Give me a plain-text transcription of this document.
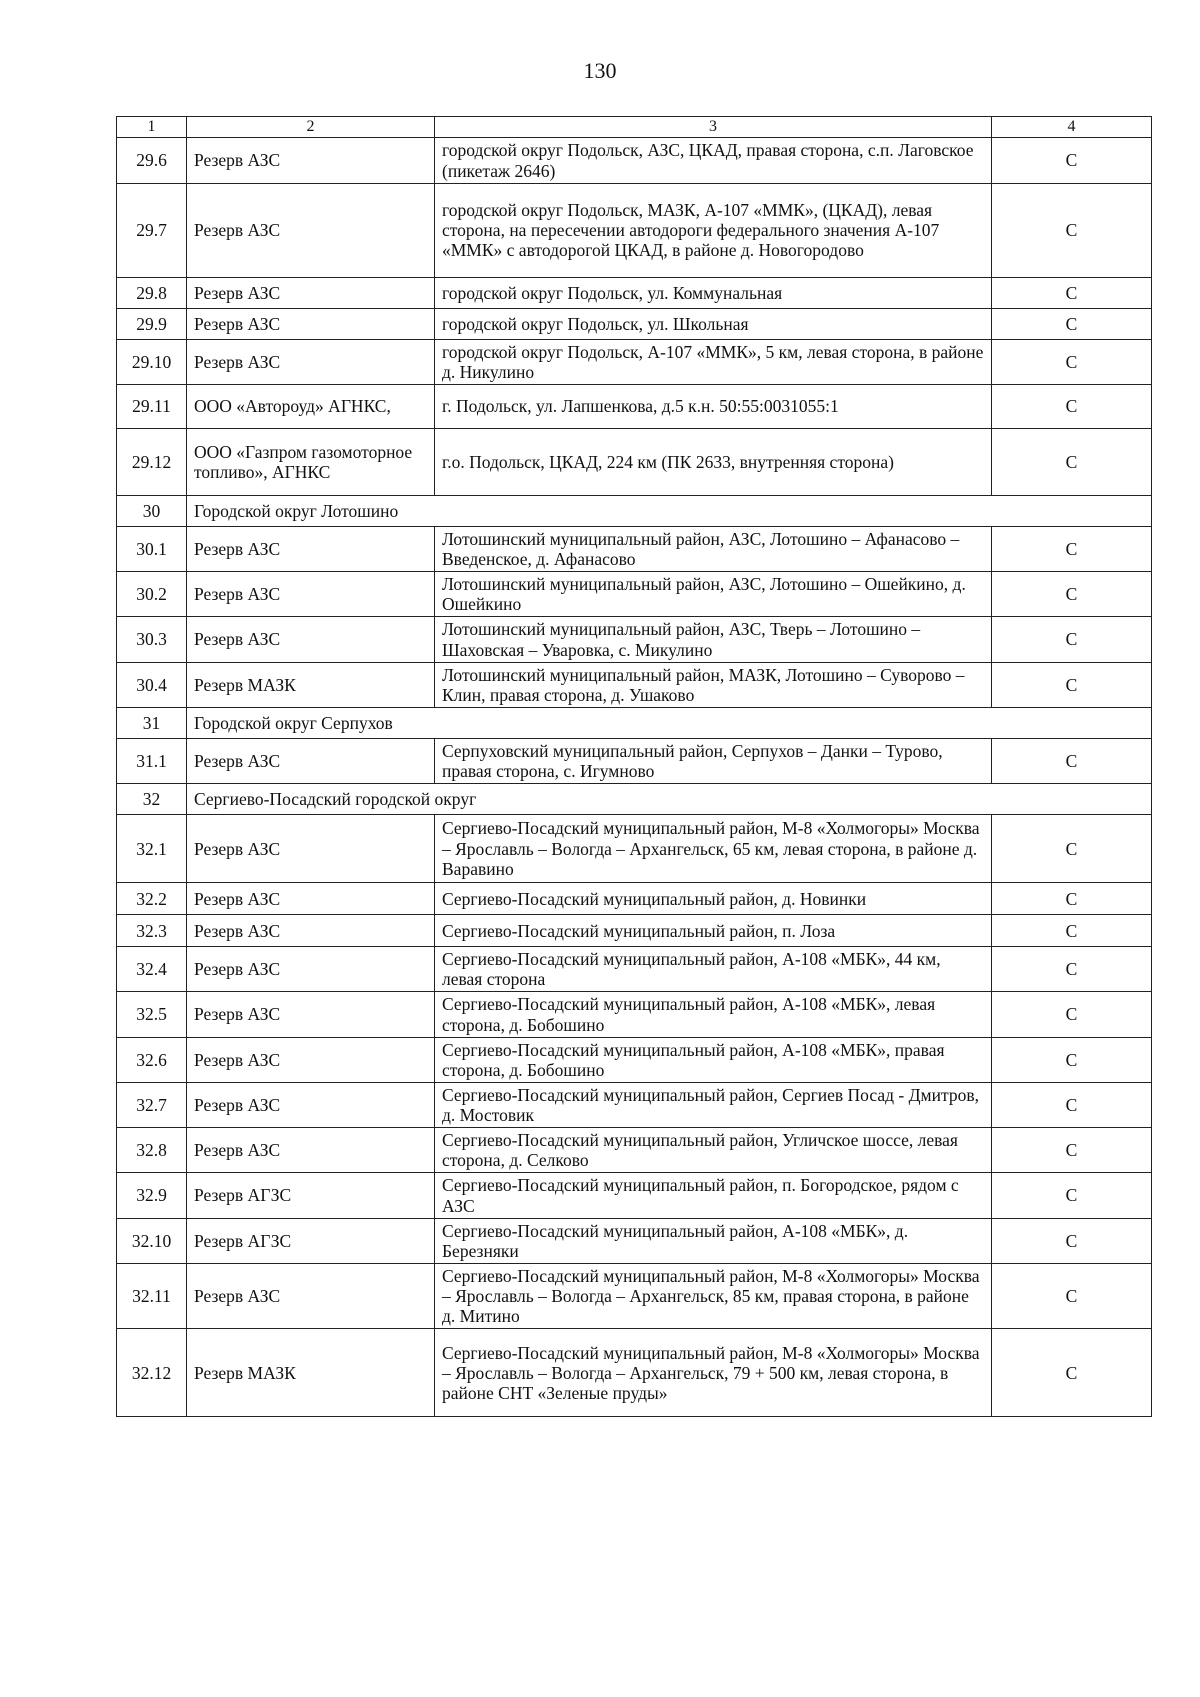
130
1	2	3	4
29.6	Резерв АЗС	городской округ Подольск, АЗС, ЦКАД, правая сторона, с.п. Лаговское (пикетаж 2646)	С
29.7	Резерв АЗС	городской округ Подольск, МАЗК, А-107 «ММК», (ЦКАД), левая сторона, на пересечении автодороги федерального значения А-107 «ММК» с автодорогой ЦКАД, в районе д. Новогородово	С
29.8	Резерв АЗС	городской округ Подольск, ул. Коммунальная	С
29.9	Резерв АЗС	городской округ Подольск, ул. Школьная	С
29.10	Резерв АЗС	городской округ Подольск, А-107 «ММК», 5 км, левая сторона, в районе д. Никулино	С
29.11	ООО «Автороуд» АГНКС,	г. Подольск, ул. Лапшенкова, д.5 к.н. 50:55:0031055:1	С
29.12	ООО «Газпром газомоторное топливо», АГНКС	г.о. Подольск, ЦКАД, 224 км (ПК 2633, внутренняя сторона)	С
30	Городской округ Лотошино		
30.1	Резерв АЗС	Лотошинский муниципальный район, АЗС, Лотошино – Афанасово – Введенское, д. Афанасово	С
30.2	Резерв АЗС	Лотошинский муниципальный район, АЗС, Лотошино – Ошейкино, д. Ошейкино	С
30.3	Резерв АЗС	Лотошинский муниципальный район, АЗС, Тверь – Лотошино – Шаховская – Уваровка, с. Микулино	С
30.4	Резерв МАЗК	Лотошинский муниципальный район, МАЗК, Лотошино – Суворово – Клин, правая сторона, д. Ушаково	С
31	Городской округ Серпухов		
31.1	Резерв АЗС	Серпуховский муниципальный район, Серпухов – Данки – Турово, правая сторона, с. Игумново	С
32	Сергиево-Посадский городской округ		
32.1	Резерв АЗС	Сергиево-Посадский муниципальный район, М-8 «Холмогоры» Москва – Ярославль – Вологда – Архангельск, 65 км, левая сторона, в районе д. Варавино	С
32.2	Резерв АЗС	Сергиево-Посадский муниципальный район, д. Новинки	С
32.3	Резерв АЗС	Сергиево-Посадский муниципальный район, п. Лоза	С
32.4	Резерв АЗС	Сергиево-Посадский муниципальный район, А-108 «МБК», 44 км, левая сторона	С
32.5	Резерв АЗС	Сергиево-Посадский муниципальный район, А-108 «МБК», левая сторона, д. Бобошино	С
32.6	Резерв АЗС	Сергиево-Посадский муниципальный район, А-108 «МБК», правая сторона, д. Бобошино	С
32.7	Резерв АЗС	Сергиево-Посадский муниципальный район, Сергиев Посад - Дмитров, д. Мостовик	С
32.8	Резерв АЗС	Сергиево-Посадский муниципальный район, Угличское шоссе, левая сторона, д. Селково	С
32.9	Резерв АГЗС	Сергиево-Посадский муниципальный район, п. Богородское, рядом с АЗС	С
32.10	Резерв АГЗС	Сергиево-Посадский муниципальный район, А-108 «МБК», д. Березняки	С
32.11	Резерв АЗС	Сергиево-Посадский муниципальный район, М-8 «Холмогоры» Москва – Ярославль – Вологда – Архангельск, 85 км, правая сторона, в районе д. Митино	С
32.12	Резерв МАЗК	Сергиево-Посадский муниципальный район, М-8 «Холмогоры» Москва – Ярославль – Вологда – Архангельск, 79 + 500 км, левая сторона, в районе СНТ «Зеленые пруды»	С
